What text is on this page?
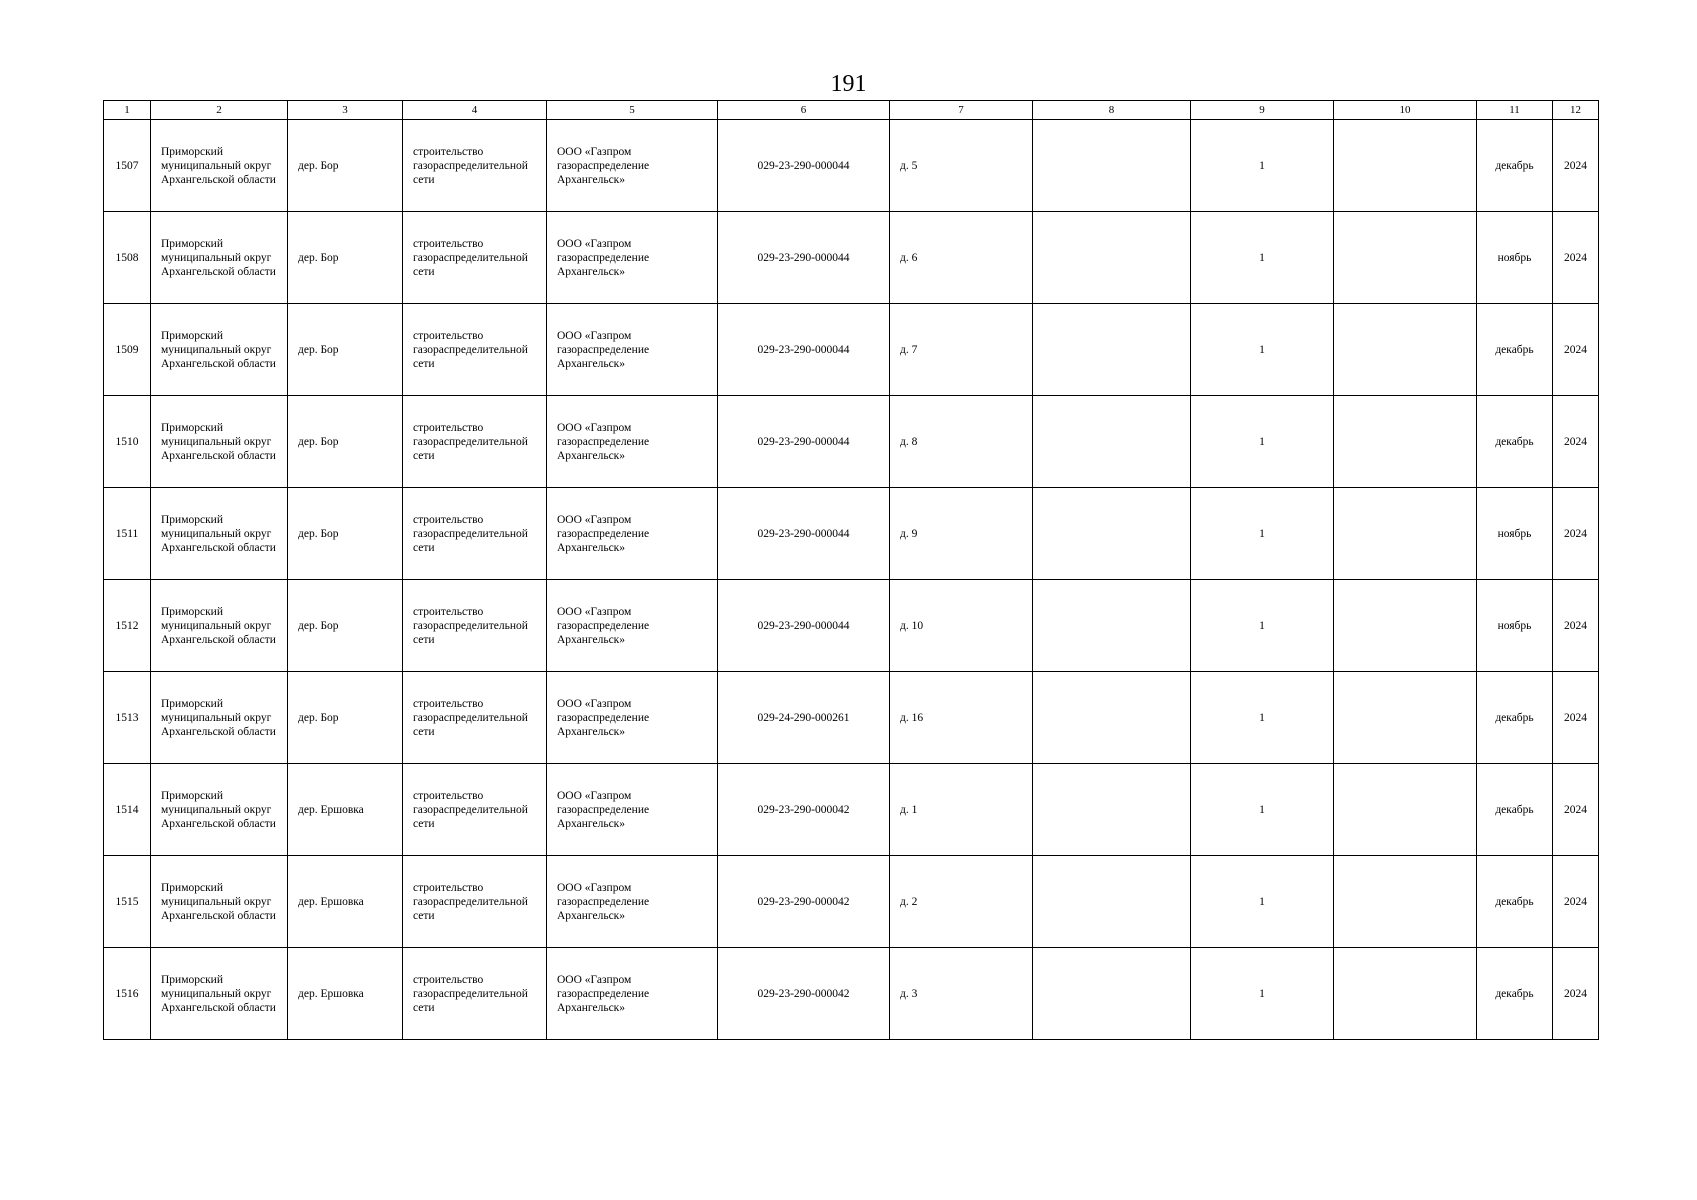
191
1	2	3	4	5	6	7	8	9	10	11	12
1507	Приморский муниципальный округ Архангельской области	дер. Бор	строительство газораспределительной сети	ООО «Газпром газораспределение Архангельск»	029-23-290-000044	д. 5		1		декабрь	2024
1508	Приморский муниципальный округ Архангельской области	дер. Бор	строительство газораспределительной сети	ООО «Газпром газораспределение Архангельск»	029-23-290-000044	д. 6		1		ноябрь	2024
1509	Приморский муниципальный округ Архангельской области	дер. Бор	строительство газораспределительной сети	ООО «Газпром газораспределение Архангельск»	029-23-290-000044	д. 7		1		декабрь	2024
1510	Приморский муниципальный округ Архангельской области	дер. Бор	строительство газораспределительной сети	ООО «Газпром газораспределение Архангельск»	029-23-290-000044	д. 8		1		декабрь	2024
1511	Приморский муниципальный округ Архангельской области	дер. Бор	строительство газораспределительной сети	ООО «Газпром газораспределение Архангельск»	029-23-290-000044	д. 9		1		ноябрь	2024
1512	Приморский муниципальный округ Архангельской области	дер. Бор	строительство газораспределительной сети	ООО «Газпром газораспределение Архангельск»	029-23-290-000044	д. 10		1		ноябрь	2024
1513	Приморский муниципальный округ Архангельской области	дер. Бор	строительство газораспределительной сети	ООО «Газпром газораспределение Архангельск»	029-24-290-000261	д. 16		1		декабрь	2024
1514	Приморский муниципальный округ Архангельской области	дер. Ершовка	строительство газораспределительной сети	ООО «Газпром газораспределение Архангельск»	029-23-290-000042	д. 1		1		декабрь	2024
1515	Приморский муниципальный округ Архангельской области	дер. Ершовка	строительство газораспределительной сети	ООО «Газпром газораспределение Архангельск»	029-23-290-000042	д. 2		1		декабрь	2024
1516	Приморский муниципальный округ Архангельской области	дер. Ершовка	строительство газораспределительной сети	ООО «Газпром газораспределение Архангельск»	029-23-290-000042	д. 3		1		декабрь	2024
